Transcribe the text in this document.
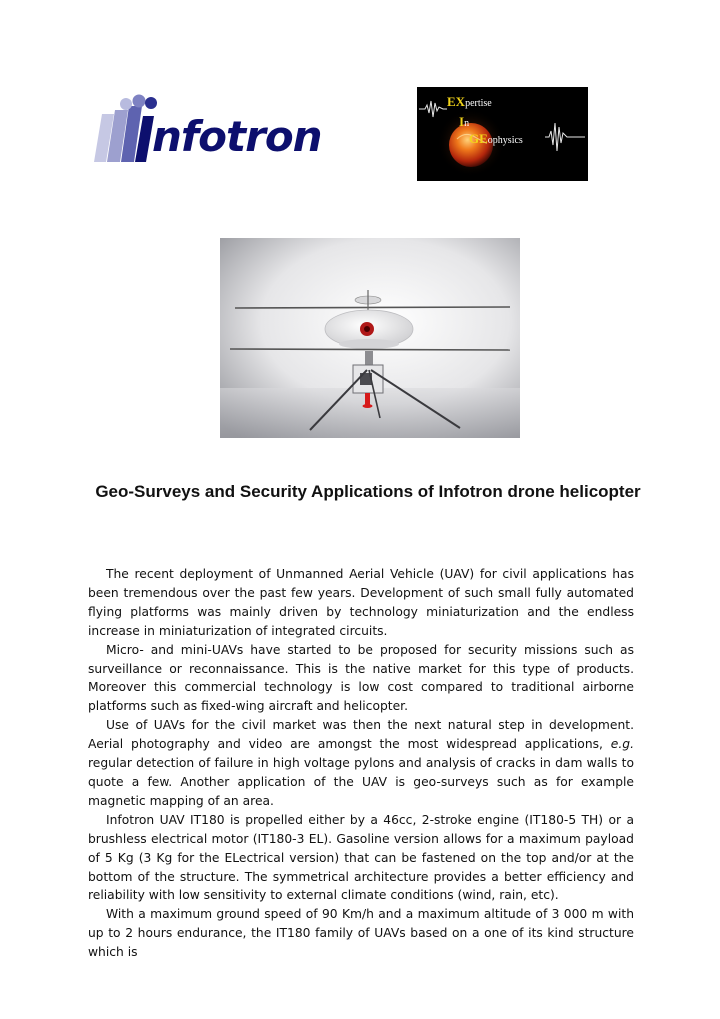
nfotron
EXpertise
In
GEophysics
Geo-Surveys and Security Applications of Infotron drone helicopter

The recent deployment of Unmanned Aerial Vehicle (UAV) for civil applications has been tremendous over the past few years. Development of such small fully automated flying platforms was mainly driven by technology miniaturization and the endless increase in miniaturization of integrated circuits.

Micro- and mini-UAVs have started to be proposed for security missions such as surveillance or reconnaissance. This is the native market for this type of products. Moreover this commercial technology is low cost compared to traditional airborne platforms such as fixed-wing aircraft and helicopter.

Use of UAVs for the civil market was then the next natural step in development. Aerial photography and video are amongst the most widespread applications, e.g. regular detection of failure in high voltage pylons and analysis of cracks in dam walls to quote a few. Another application of the UAV is geo-surveys such as for example magnetic mapping of an area.

Infotron UAV IT180 is propelled either by a 46cc, 2-stroke engine (IT180-5 TH) or a brushless electrical motor (IT180-3 EL). Gasoline version allows for a maximum payload of 5 Kg (3 Kg for the ELectrical version) that can be fastened on the top and/or at the bottom of the structure. The symmetrical architecture provides a better efficiency and reliability with low sensitivity to external climate conditions (wind, rain, etc).

With a maximum ground speed of 90 Km/h and a maximum altitude of 3 000 m with up to 2 hours endurance, the IT180 family of UAVs based on a one of its kind structure which is
